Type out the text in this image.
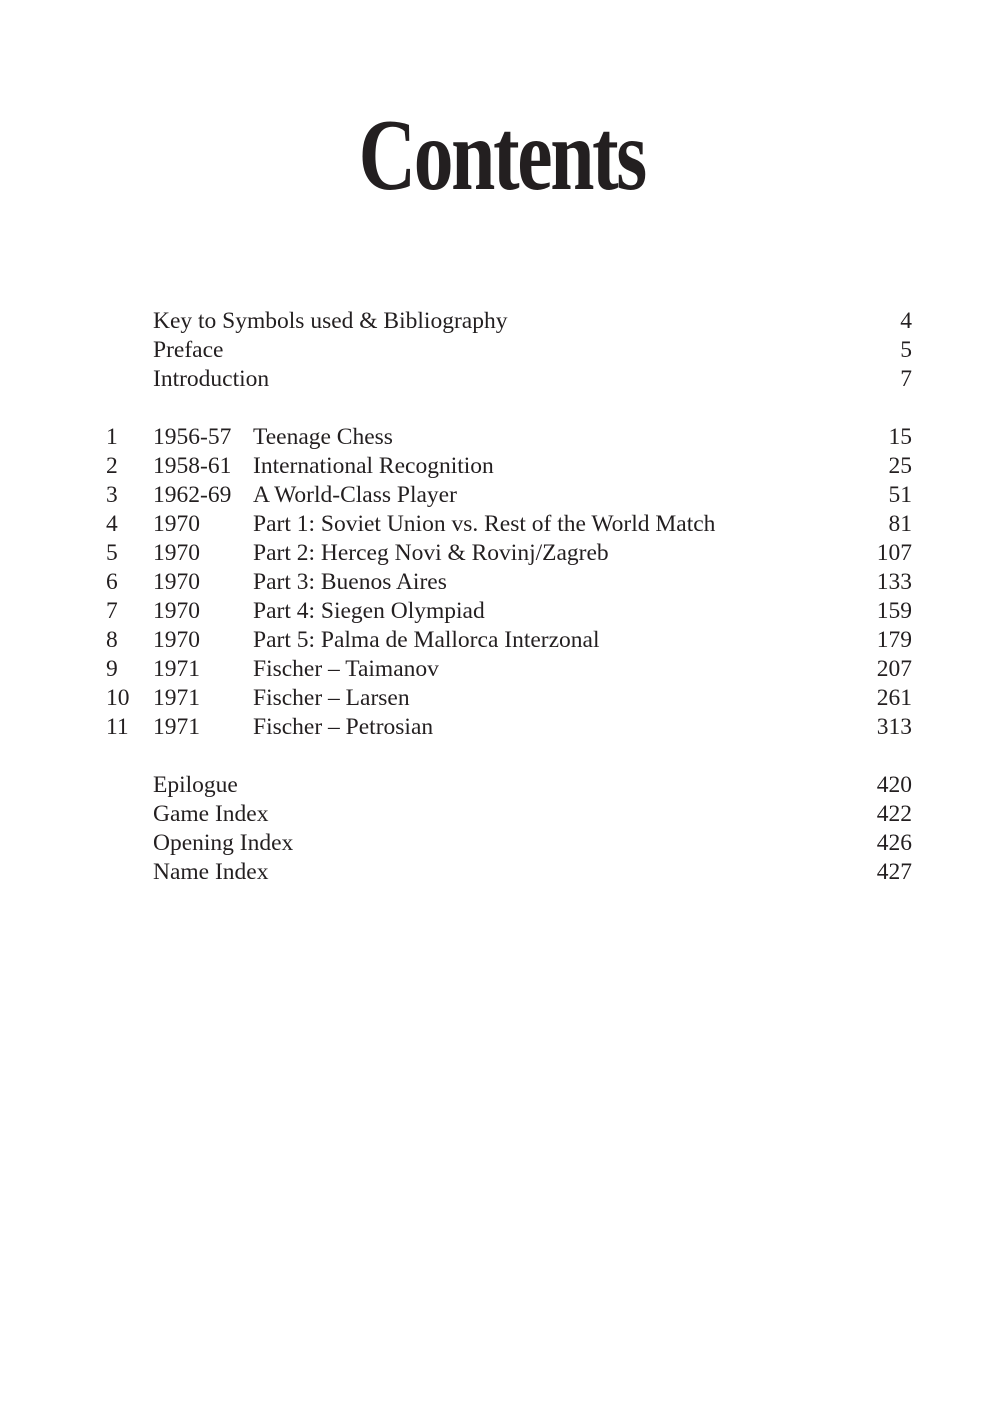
Contents
Key to Symbols used & Bibliography	4
Preface	5
Introduction	7
1 1956-57 Teenage Chess	15
2 1958-61 International Recognition	25
3 1962-69 A World-Class Player	51
4 1970 Part 1: Soviet Union vs. Rest of the World Match	81
5 1970 Part 2: Herceg Novi & Rovinj/Zagreb	107
6 1970 Part 3: Buenos Aires	133
7 1970 Part 4: Siegen Olympiad	159
8 1970 Part 5: Palma de Mallorca Interzonal	179
9 1971 Fischer – Taimanov	207
10 1971 Fischer – Larsen	261
11 1971 Fischer – Petrosian	313
Epilogue	420
Game Index	422
Opening Index	426
Name Index	427
